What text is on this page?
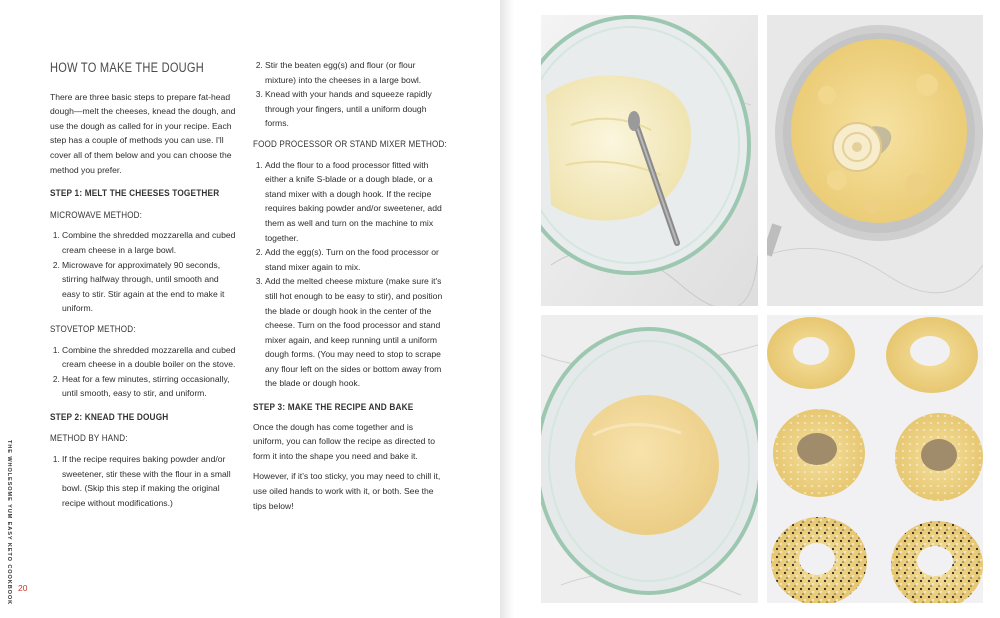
THE WHOLESOME YUM EASY KETO COOKBOOK 20
HOW TO MAKE THE DOUGH

There are three basic steps to prepare fat-head dough—melt the cheeses, knead the dough, and use the dough as called for in your recipe. Each step has a couple of methods you can use. I'll cover all of them below and you can choose the method you prefer.

STEP 1: MELT THE CHEESES TOGETHER
MICROWAVE METHOD:
1. Combine the shredded mozzarella and cubed cream cheese in a large bowl.
2. Microwave for approximately 90 seconds, stirring halfway through, until smooth and easy to stir. Stir again at the end to make it uniform.
STOVETOP METHOD:
1. Combine the shredded mozzarella and cubed cream cheese in a double boiler on the stove.
2. Heat for a few minutes, stirring occasionally, until smooth, easy to stir, and uniform.
STEP 2: KNEAD THE DOUGH
METHOD BY HAND:
1. If the recipe requires baking powder and/or sweetener, stir these with the flour in a small bowl. (Skip this step if making the original recipe without modifications.)
2. Stir the beaten egg(s) and flour (or flour mixture) into the cheeses in a large bowl.
3. Knead with your hands and squeeze rapidly through your fingers, until a uniform dough forms.
FOOD PROCESSOR OR STAND MIXER METHOD:
1. Add the flour to a food processor fitted with either a knife S-blade or a dough blade, or a stand mixer with a dough hook. If the recipe requires baking powder and/or sweetener, add them as well and turn on the machine to mix together.
2. Add the egg(s). Turn on the food processor or stand mixer again to mix.
3. Add the melted cheese mixture (make sure it's still hot enough to be easy to stir), and position the blade or dough hook in the center of the cheese. Turn on the food processor and stand mixer again, and keep running until a uniform dough forms. (You may need to stop to scrape any flour left on the sides or bottom away from the blade or dough hook.
STEP 3: MAKE THE RECIPE AND BAKE

Once the dough has come together and is uniform, you can follow the recipe as directed to form it into the shape you need and bake it.

However, if it's too sticky, you may need to chill it, use oiled hands to work with it, or both. See the tips below!
